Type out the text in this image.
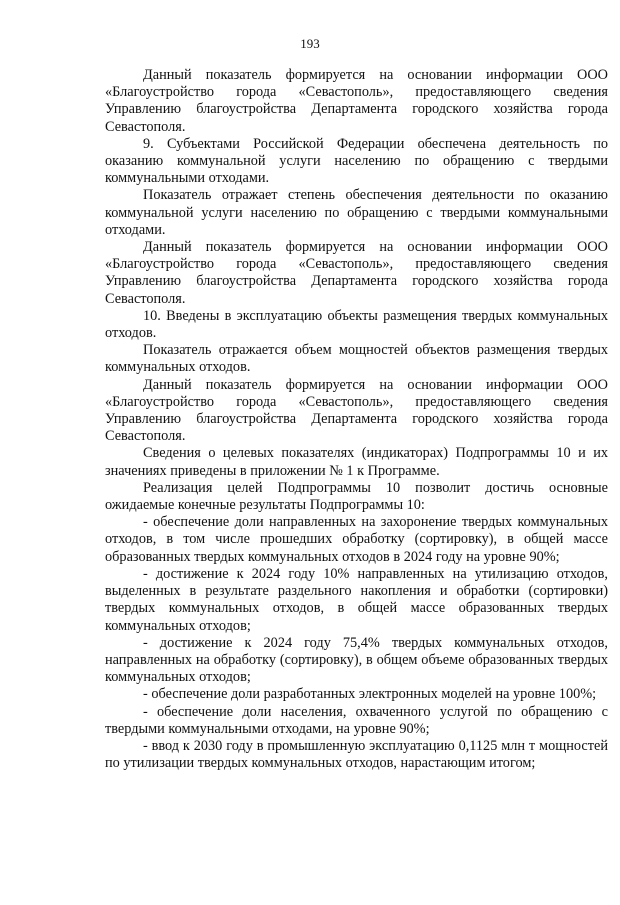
193

Данный показатель формируется на основании информации ООО «Благоустройство города «Севастополь», предоставляющего сведения Управлению благоустройства Департамента городского хозяйства города Севастополя.

9. Субъектами Российской Федерации обеспечена деятельность по оказанию коммунальной услуги населению по обращению с твердыми коммунальными отходами.

Показатель отражает степень обеспечения деятельности по оказанию коммунальной услуги населению по обращению с твердыми коммунальными отходами.

Данный показатель формируется на основании информации ООО «Благоустройство города «Севастополь», предоставляющего сведения Управлению благоустройства Департамента городского хозяйства города Севастополя.

10. Введены в эксплуатацию объекты размещения твердых коммунальных отходов.

Показатель отражается объем мощностей объектов размещения твердых коммунальных отходов.

Данный показатель формируется на основании информации ООО «Благоустройство города «Севастополь», предоставляющего сведения Управлению благоустройства Департамента городского хозяйства города Севастополя.

Сведения о целевых показателях (индикаторах) Подпрограммы 10 и их значениях приведены в приложении № 1 к Программе.

Реализация целей Подпрограммы 10 позволит достичь основные ожидаемые конечные результаты Подпрограммы 10:

- обеспечение доли направленных на захоронение твердых коммунальных отходов, в том числе прошедших обработку (сортировку), в общей массе образованных твердых коммунальных отходов в 2024 году на уровне 90%;

- достижение к 2024 году 10% направленных на утилизацию отходов, выделенных в результате раздельного накопления и обработки (сортировки) твердых коммунальных отходов, в общей массе образованных твердых коммунальных отходов;

- достижение к 2024 году 75,4% твердых коммунальных отходов, направленных на обработку (сортировку), в общем объеме образованных твердых коммунальных отходов;

- обеспечение доли разработанных электронных моделей на уровне 100%;

- обеспечение доли населения, охваченного услугой по обращению с твердыми коммунальными отходами, на уровне 90%;

- ввод к 2030 году в промышленную эксплуатацию 0,1125 млн т мощностей по утилизации твердых коммунальных отходов, нарастающим итогом;
